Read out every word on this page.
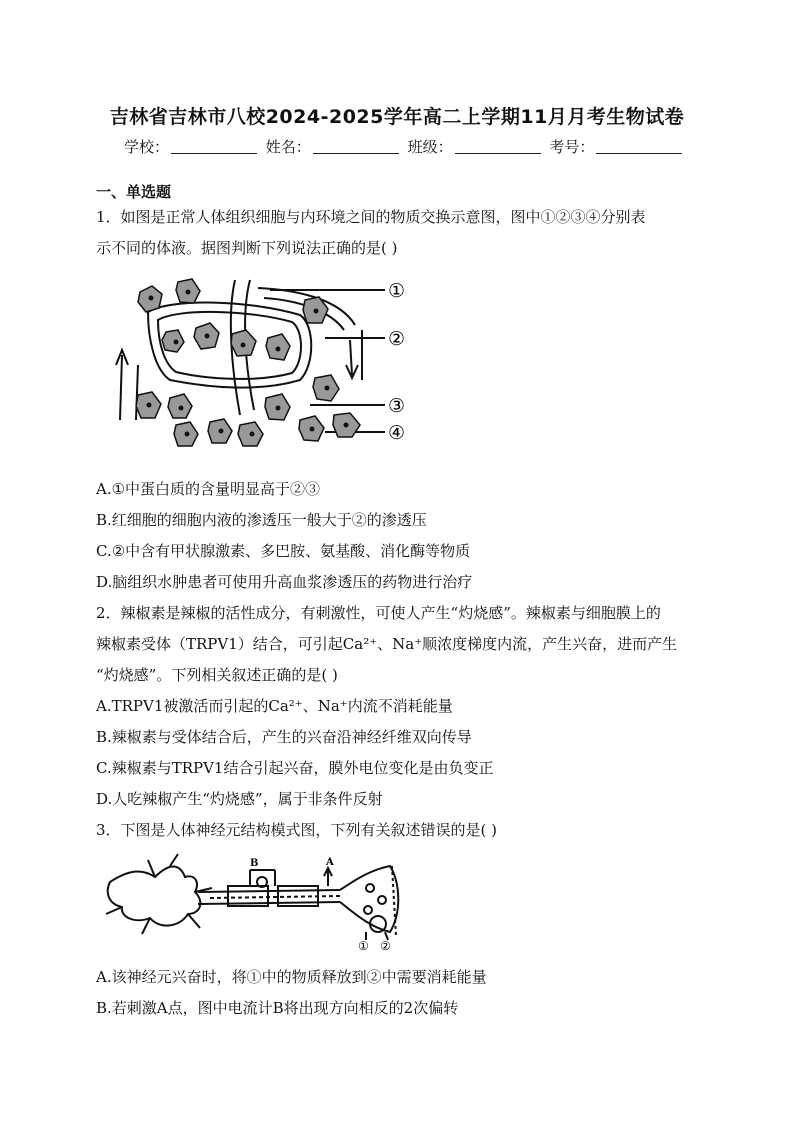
吉林省吉林市八校2024-2025学年高二上学期11月月考生物试卷
学校：	姓名：	班级：	考号：
一、单选题
1．如图是正常人体组织细胞与内环境之间的物质交换示意图，图中①②③④分别表
示不同的体液。据图判断下列说法正确的是( )
①
②
③
④
A.①中蛋白质的含量明显高于②③
B.红细胞的细胞内液的渗透压一般大于②的渗透压
C.②中含有甲状腺激素、多巴胺、氨基酸、消化酶等物质
D.脑组织水肿患者可使用升高血浆渗透压的药物进行治疗
2．辣椒素是辣椒的活性成分，有刺激性，可使人产生“灼烧感”。辣椒素与细胞膜上的
辣椒素受体（TRPV1）结合，可引起Ca²⁺、Na⁺顺浓度梯度内流，产生兴奋，进而产生
“灼烧感”。下列相关叙述正确的是( )
A.TRPV1被激活而引起的Ca²⁺、Na⁺内流不消耗能量
B.辣椒素与受体结合后，产生的兴奋沿神经纤维双向传导
C.辣椒素与TRPV1结合引起兴奋，膜外电位变化是由负变正
D.人吃辣椒产生“灼烧感”，属于非条件反射
3．下图是人体神经元结构模式图，下列有关叙述错误的是( )
B	A
① ②
A.该神经元兴奋时，将①中的物质释放到②中需要消耗能量
B.若刺激A点，图中电流计B将出现方向相反的2次偏转
